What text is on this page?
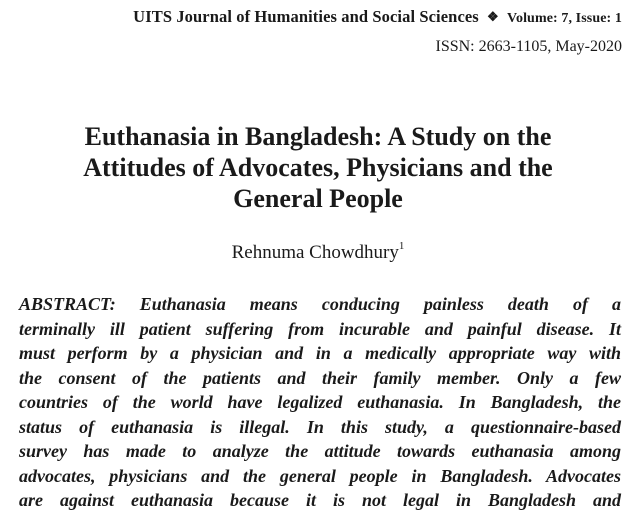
UITS Journal of Humanities and Social Sciences ❖ Volume: 7, Issue: 1
ISSN: 2663-1105, May-2020
Euthanasia in Bangladesh: A Study on the
Attitudes of Advocates, Physicians and the
General People
Rehnuma Chowdhury$^1$
ABSTRACT: Euthanasia means conducing painless death of a
terminally ill patient suffering from incurable and painful disease. It
must perform by a physician and in a medically appropriate way with
the consent of the patients and their family member. Only a few
countries of the world have legalized euthanasia. In Bangladesh, the
status of euthanasia is illegal. In this study, a questionnaire-based
survey has made to analyze the attitude towards euthanasia among
advocates, physicians and the general people in Bangladesh. Advocates
are against euthanasia because it is not legal in Bangladesh and
